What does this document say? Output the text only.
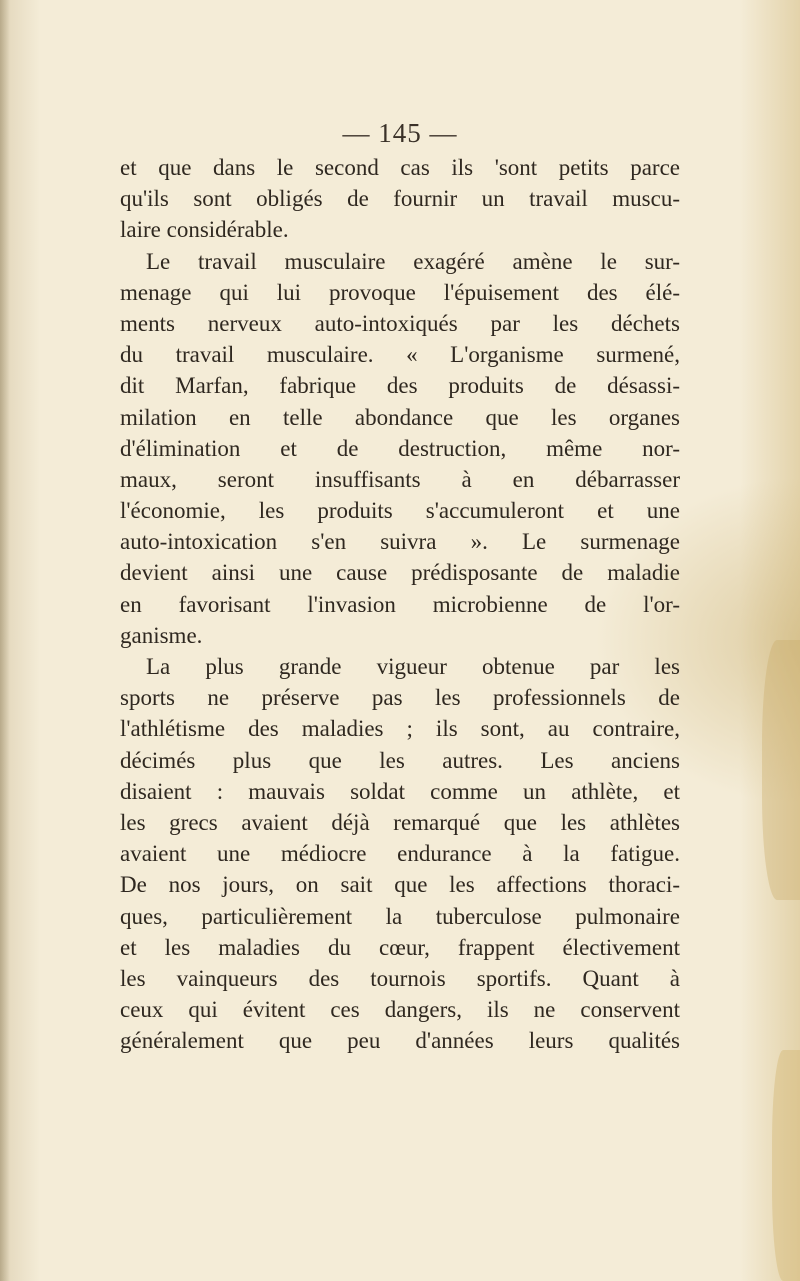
— 145 —
et que dans le second cas ils 'sont petits parce
qu'ils sont obligés de fournir un travail muscu-
laire considérable.
Le travail musculaire exagéré amène le sur-
menage qui lui provoque l'épuisement des élé-
ments nerveux auto-intoxiqués par les déchets
du travail musculaire. « L'organisme surmené,
dit Marfan, fabrique des produits de désassi-
milation en telle abondance que les organes
d'élimination et de destruction, même nor-
maux, seront insuffisants à en débarrasser
l'économie, les produits s'accumuleront et une
auto-intoxication s'en suivra ». Le surmenage
devient ainsi une cause prédisposante de maladie
en favorisant l'invasion microbienne de l'or-
ganisme.
La plus grande vigueur obtenue par les
sports ne préserve pas les professionnels de
l'athlétisme des maladies ; ils sont, au contraire,
décimés plus que les autres. Les anciens
disaient : mauvais soldat comme un athlète, et
les grecs avaient déjà remarqué que les athlètes
avaient une médiocre endurance à la fatigue.
De nos jours, on sait que les affections thoraci-
ques, particulièrement la tuberculose pulmonaire
et les maladies du cœur, frappent électivement
les vainqueurs des tournois sportifs. Quant à
ceux qui évitent ces dangers, ils ne conservent
généralement que peu d'années leurs qualités
